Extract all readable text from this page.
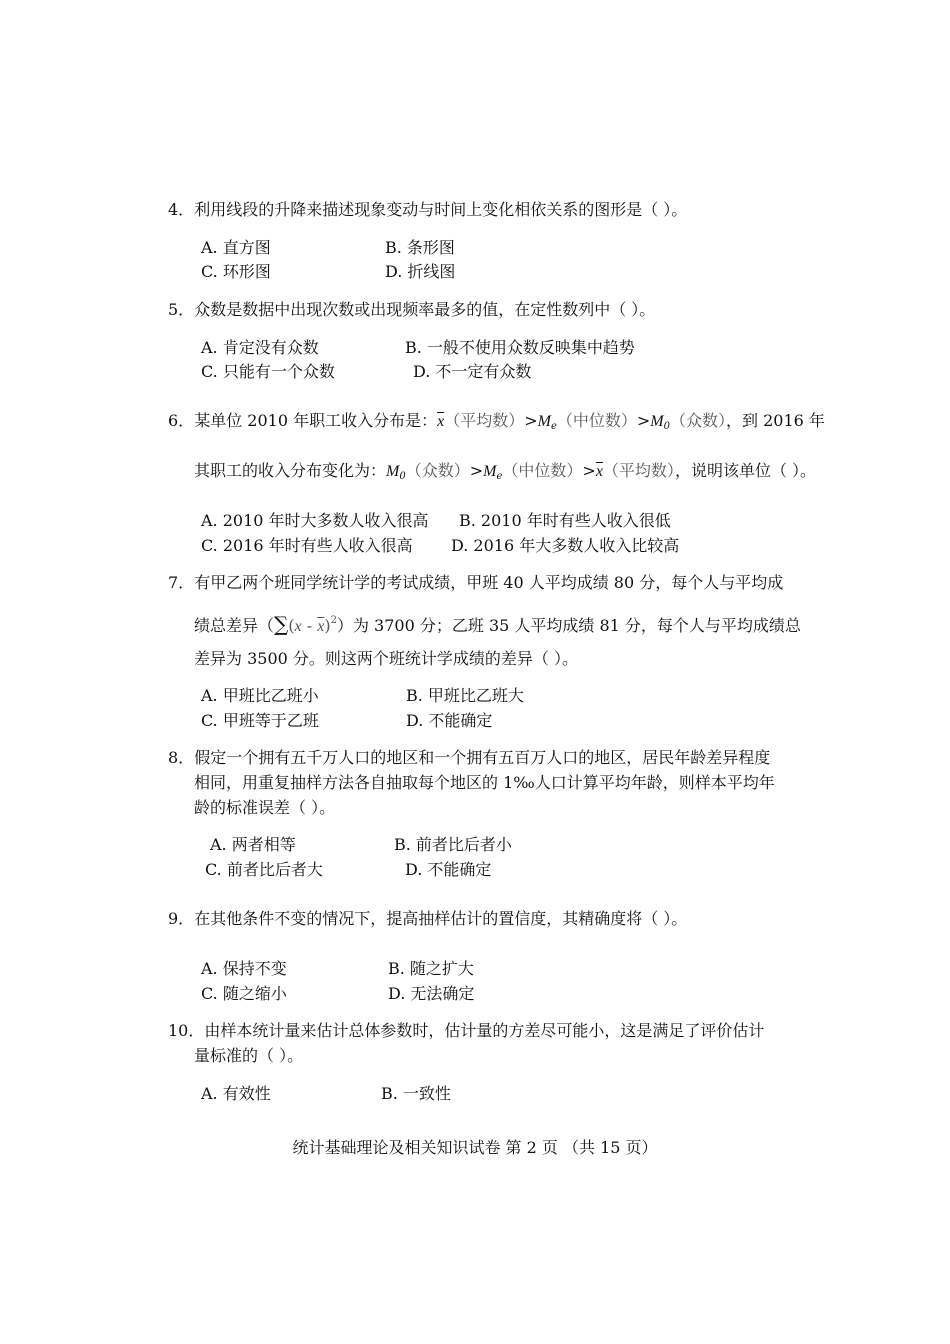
4．利用线段的升降来描述现象变动与时间上变化相依关系的图形是（ ）。
A. 直方图	B. 条形图
C. 环形图	D. 折线图
5．众数是数据中出现次数或出现频率最多的值，在定性数列中（ ）。
A. 肯定没有众数	B. 一般不使用众数反映集中趋势
C. 只能有一个众数	D. 不一定有众数
6．某单位 2010 年职工收入分布是：$\overline{x}$（平均数）$>M_e$（中位数）$>M_0$（众数），到 2016 年
其职工的收入分布变化为：$M_0$（众数）$>M_e$（中位数）$>\overline{x}$（平均数），说明该单位（ ）。
A. 2010 年时大多数人收入很高 B. 2010 年时有些人收入很低
C. 2016 年时有些人收入很高 D. 2016 年大多数人收入比较高
7．有甲乙两个班同学统计学的考试成绩，甲班 40 人平均成绩 80 分，每个人与平均成
绩总差异$(\sum(x - \overline{x})^2)$为 3700 分；乙班 35 人平均成绩 81 分，每个人与平均成绩总
差异为 3500 分。则这两个班统计学成绩的差异（ ）。
A. 甲班比乙班小	B. 甲班比乙班大
C. 甲班等于乙班	D. 不能确定
8．假定一个拥有五千万人口的地区和一个拥有五百万人口的地区，居民年龄差异程度
相同，用重复抽样方法各自抽取每个地区的 1‰人口计算平均年龄，则样本平均年
龄的标准误差（ ）。
A. 两者相等	B. 前者比后者小
C. 前者比后者大	D. 不能确定
9．在其他条件不变的情况下，提高抽样估计的置信度，其精确度将（ ）。
A. 保持不变	B. 随之扩大
C. 随之缩小	D. 无法确定
10．由样本统计量来估计总体参数时，估计量的方差尽可能小，这是满足了评价估计
量标准的（ ）。
A. 有效性	B. 一致性
统计基础理论及相关知识试卷 第 2 页 （共 15 页）
